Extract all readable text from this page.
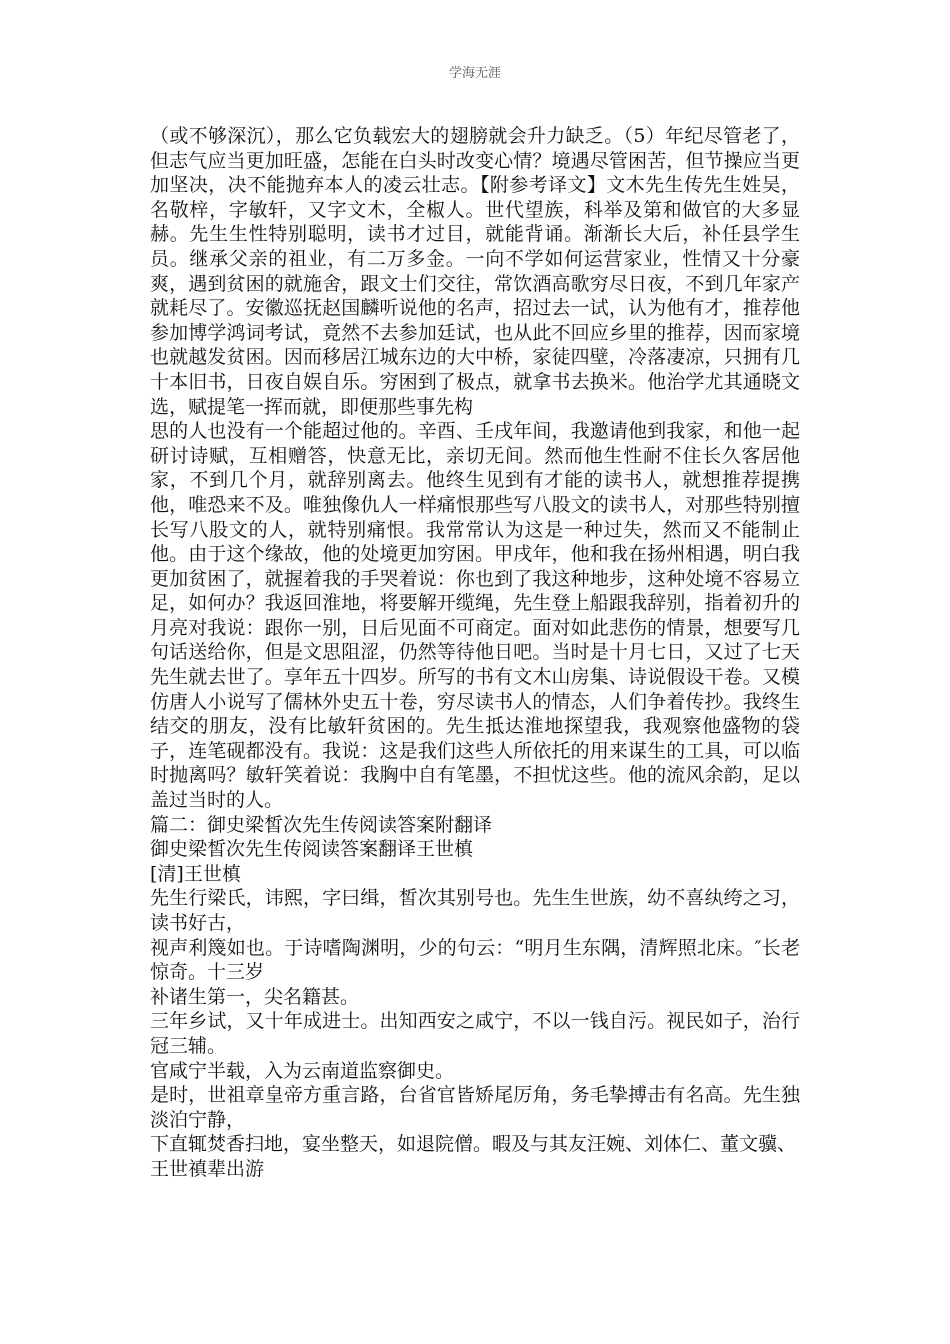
学海无涯

（或不够深沉），那么它负载宏大的翅膀就会升力缺乏。（5）年纪尽管老了，但志气应当更加旺盛，怎能在白头时改变心情？境遇尽管困苦，但节操应当更加坚决，决不能抛弃本人的凌云壮志。【附参考译文】文木先生传先生姓吴，名敬梓，字敏轩，又字文木，全椒人。世代望族，科举及第和做官的大多显赫。先生生性特别聪明，读书才过目，就能背诵。渐渐长大后，补任县学生员。继承父亲的祖业，有二万多金。一向不学如何运营家业，性情又十分豪爽，遇到贫困的就施舍，跟文士们交往，常饮酒高歌穷尽日夜，不到几年家产就耗尽了。安徽巡抚赵国麟听说他的名声，招过去一试，认为他有才，推荐他参加博学鸿词考试，竟然不去参加廷试，也从此不回应乡里的推荐，因而家境也就越发贫困。因而移居江城东边的大中桥，家徒四壁，冷落凄凉，只拥有几十本旧书，日夜自娱自乐。穷困到了极点，就拿书去换米。他治学尤其通晓文选，赋提笔一挥而就，即便那些事先构

思的人也没有一个能超过他的。辛酉、壬戌年间，我邀请他到我家，和他一起研讨诗赋，互相赠答，快意无比，亲切无间。然而他生性耐不住长久客居他家，不到几个月，就辞别离去。他终生见到有才能的读书人，就想推荐提携他，唯恐来不及。唯独像仇人一样痛恨那些写八股文的读书人，对那些特别擅长写八股文的人，就特别痛恨。我常常认为这是一种过失，然而又不能制止他。由于这个缘故，他的处境更加穷困。甲戌年，他和我在扬州相遇，明白我更加贫困了，就握着我的手哭着说：你也到了我这种地步，这种处境不容易立足，如何办？我返回淮地，将要解开缆绳，先生登上船跟我辞别，指着初升的月亮对我说：跟你一别，日后见面不可商定。面对如此悲伤的情景，想要写几句话送给你，但是文思阻涩，仍然等待他日吧。当时是十月七日，又过了七天先生就去世了。享年五十四岁。所写的书有文木山房集、诗说假设干卷。又模仿唐人小说写了儒林外史五十卷，穷尽读书人的情态，人们争着传抄。我终生结交的朋友，没有比敏轩贫困的。先生抵达淮地探望我，我观察他盛物的袋子，连笔砚都没有。我说：这是我们这些人所依托的用来谋生的工具，可以临时抛离吗？敏轩笑着说：我胸中自有笔墨，不担忧这些。他的流风余韵，足以盖过当时的人。

篇二：御史梁皙次先生传阅读答案附翻译

御史梁皙次先生传阅读答案翻译王世槙

[清]王世槙

先生行梁氏，讳熙，字曰缉，皙次其别号也。先生生世族，幼不喜纨绔之习，读书好古，

视声利篾如也。于诗嗜陶渊明，少的句云：“明月生东隅，清辉照北床。″长老惊奇。十三岁

补诸生第一，尖名籍甚。

三年乡试，又十年成进士。出知西安之咸宁，不以一钱自污。视民如子，治行冠三辅。

官咸宁半载，入为云南道监察御史。

是时，世祖章皇帝方重言路，台省官皆矫尾厉角，务毛挚搏击有名高。先生独淡泊宁静，

下直辄焚香扫地，宴坐整天，如退院僧。暇及与其友汪婉、刘体仁、董文骥、王世禛辈出游
